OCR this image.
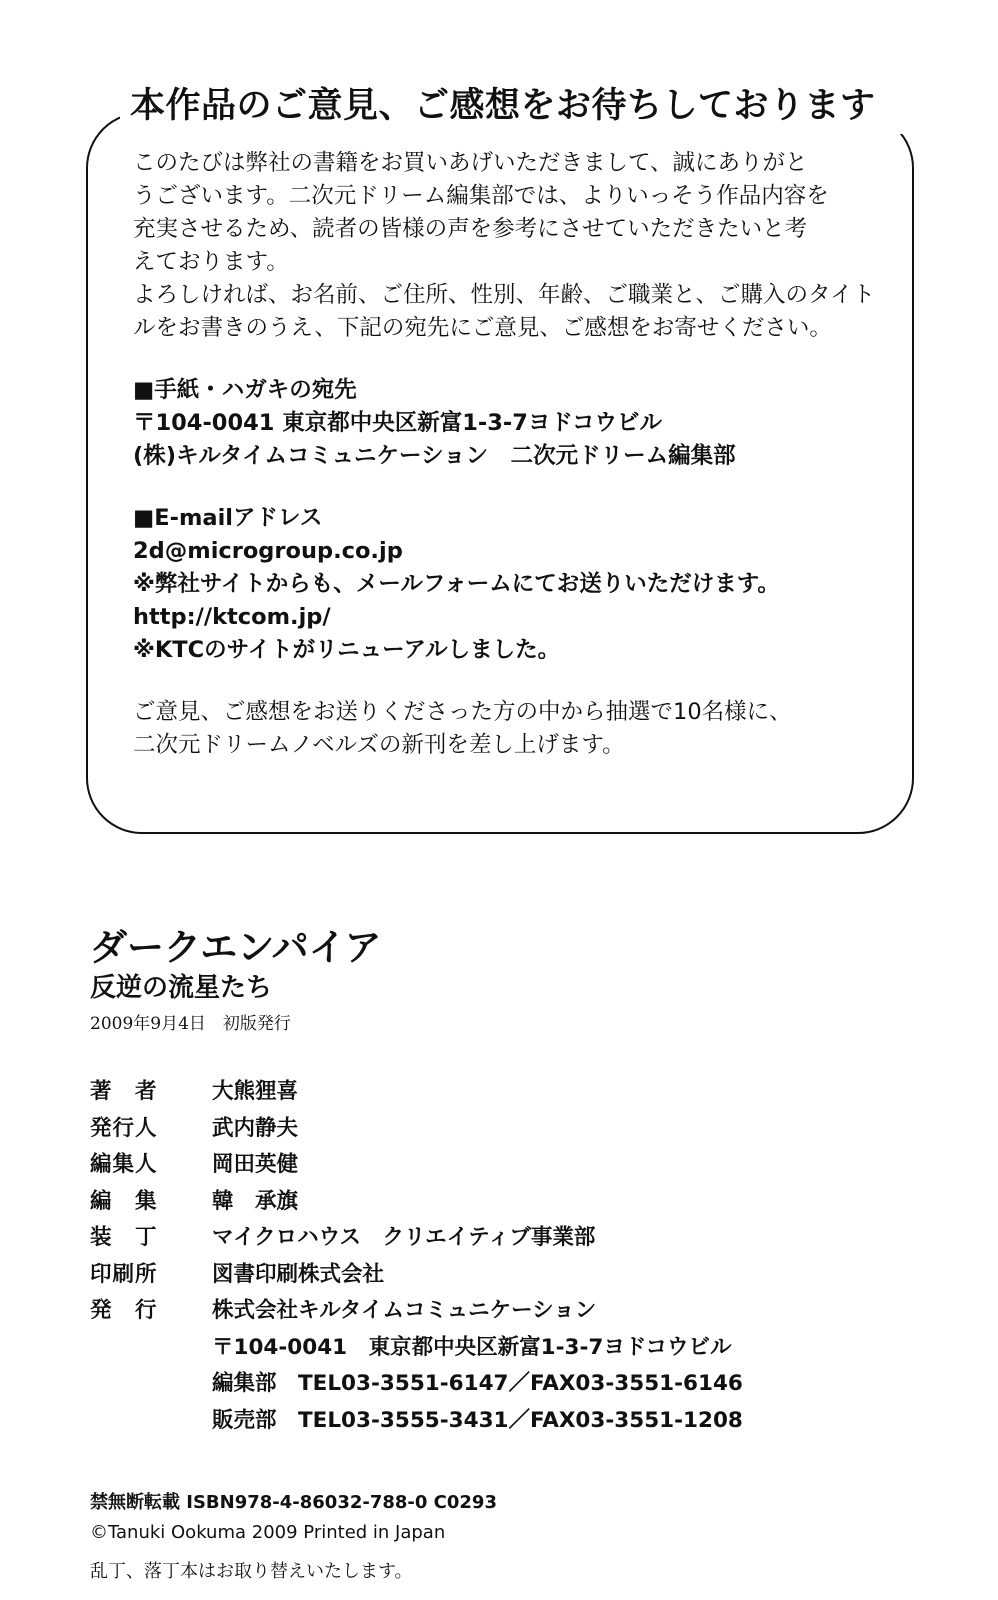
本作品のご意見、ご感想をお待ちしております

このたびは弊社の書籍をお買いあげいただきまして、誠にありがと

うございます。二次元ドリーム編集部では、よりいっそう作品内容を

充実させるため、読者の皆様の声を参考にさせていただきたいと考

えております。

よろしければ、お名前、ご住所、性別、年齢、ご職業と、ご購入のタイト

ルをお書きのうえ、下記の宛先にご意見、ご感想をお寄せください。

■手紙・ハガキの宛先

〒104-0041 東京都中央区新富1-3-7ヨドコウビル

(株)キルタイムコミュニケーション　二次元ドリーム編集部

■E-mailアドレス

2d@microgroup.co.jp

※弊社サイトからも、メールフォームにてお送りいただけます。

http://ktcom.jp/

※KTCのサイトがリニューアルしました。

ご意見、ご感想をお送りくださった方の中から抽選で10名様に、

二次元ドリームノベルズの新刊を差し上げます。

ダークエンパイア
反逆の流星たち
2009年9月4日　初版発行
著　者	大熊狸喜
発行人	武内静夫
編集人	岡田英健
編　集	韓　承旗
装　丁	マイクロハウス　クリエイティブ事業部
印刷所	図書印刷株式会社
発　行	株式会社キルタイムコミュニケーション
〒104-0041　東京都中央区新富1-3-7ヨドコウビル
編集部　TEL03-3551-6147／FAX03-3551-6146
販売部　TEL03-3555-3431／FAX03-3551-1208
禁無断転載 ISBN978-4-86032-788-0 C0293
©Tanuki Ookuma 2009 Printed in Japan
乱丁、落丁本はお取り替えいたします。
